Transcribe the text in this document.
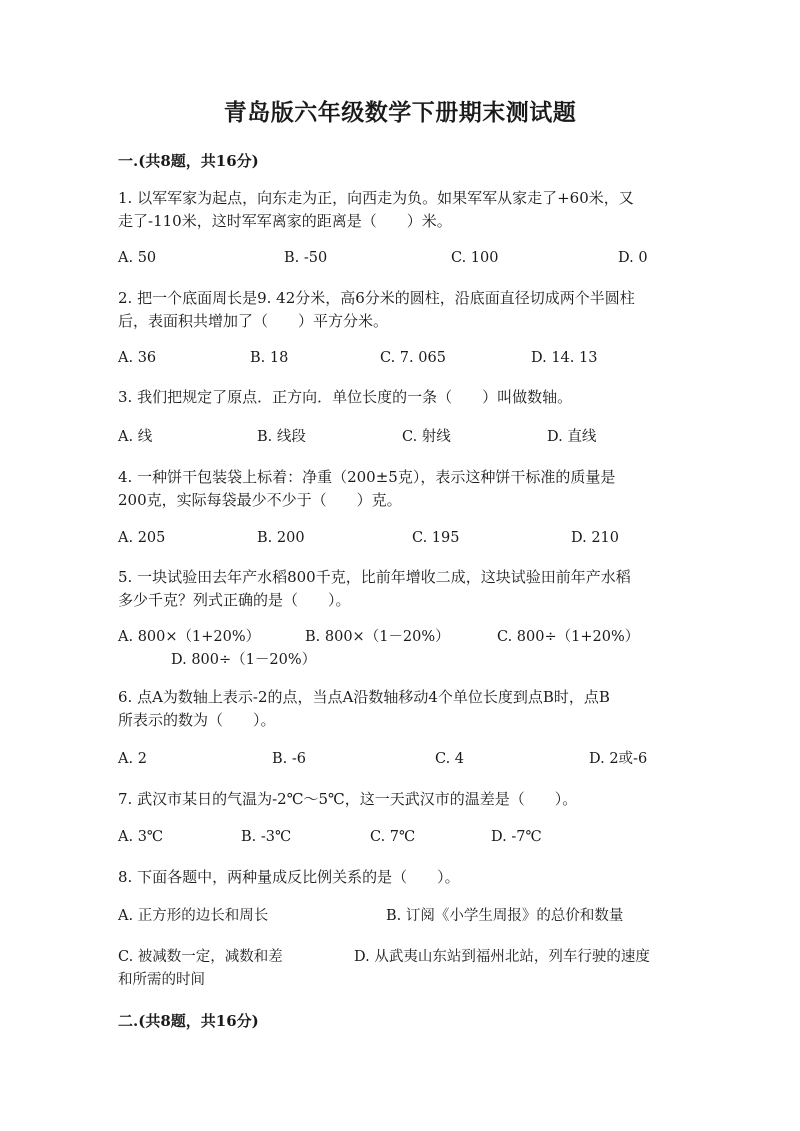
青岛版六年级数学下册期末测试题
一.(共8题，共16分)
1. 以军军家为起点，向东走为正，向西走为负。如果军军从家走了+60米，又
走了-110米，这时军军离家的距离是（　　）米。
A. 50	B. -50	C. 100	D. 0
2. 把一个底面周长是9. 42分米，高6分米的圆柱，沿底面直径切成两个半圆柱
后，表面积共增加了（　　）平方分米。
A. 36	B. 18	C. 7. 065	D. 14. 13
3. 我们把规定了原点．正方向．单位长度的一条（　　）叫做数轴。
A. 线	B. 线段	C. 射线	D. 直线
4. 一种饼干包装袋上标着：净重（200±5克），表示这种饼干标准的质量是
200克，实际每袋最少不少于（　　）克。
A. 205	B. 200	C. 195	D. 210
5. 一块试验田去年产水稻800千克，比前年增收二成，这块试验田前年产水稻
多少千克？列式正确的是（　　）。
A. 800×（1+20%）	B. 800×（1－20%）	C. 800÷（1+20%）
D. 800÷（1－20%）
6. 点A为数轴上表示-2的点，当点A沿数轴移动4个单位长度到点B时，点B
所表示的数为（　　）。
A. 2	B. -6	C. 4	D. 2或-6
7. 武汉市某日的气温为-2℃～5℃，这一天武汉市的温差是（　　）。
A. 3℃	B. -3℃	C. 7℃	D. -7℃
8. 下面各题中，两种量成反比例关系的是（　　）。
A. 正方形的边长和周长	B. 订阅《小学生周报》的总价和数量
C. 被减数一定，减数和差	D. 从武夷山东站到福州北站，列车行驶的速度
和所需的时间
二.(共8题，共16分)
